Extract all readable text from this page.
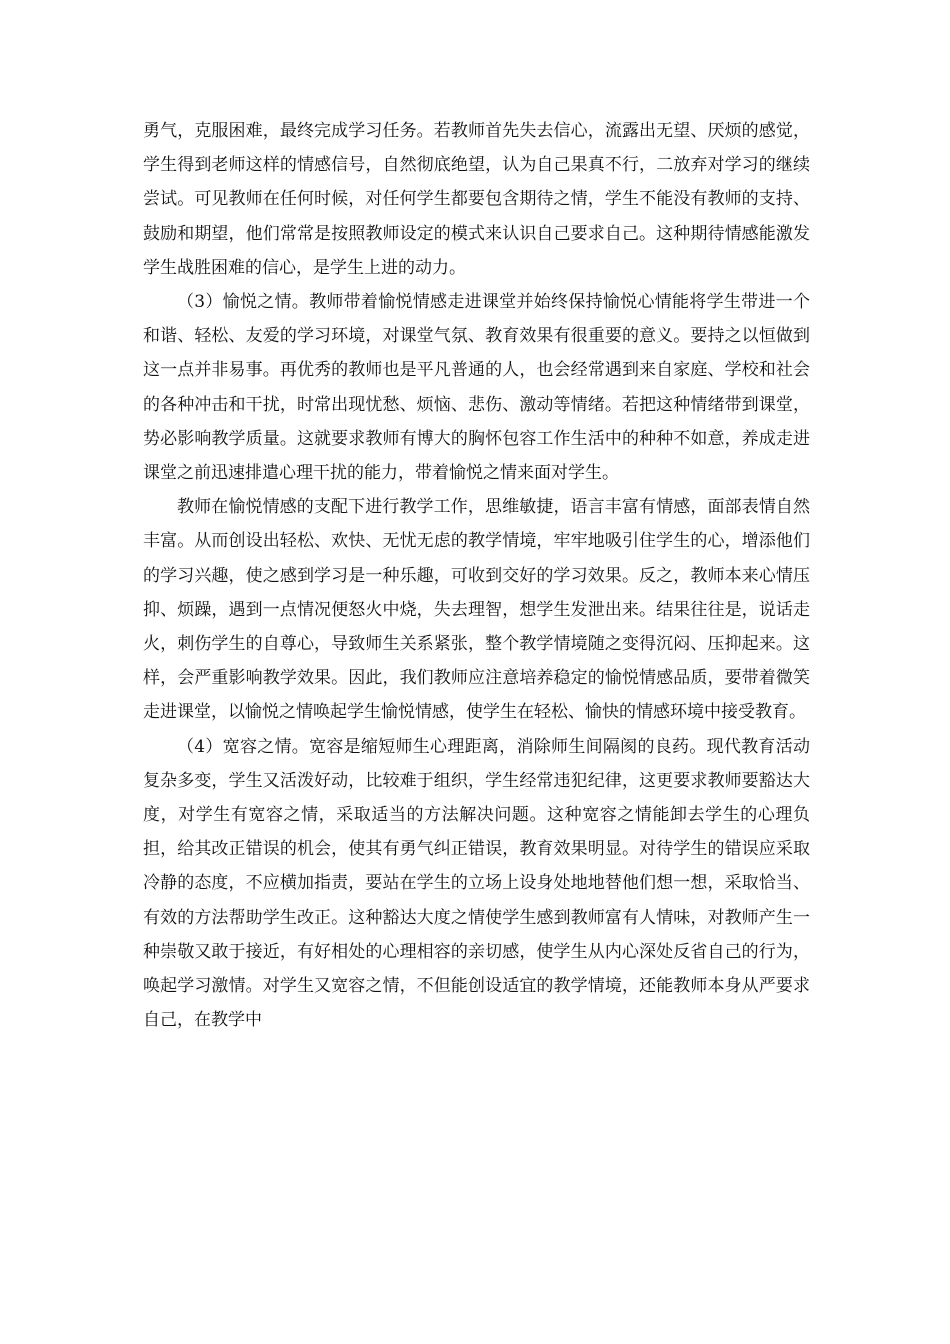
勇气，克服困难，最终完成学习任务。若教师首先失去信心，流露出无望、厌烦的感觉，学生得到老师这样的情感信号，自然彻底绝望，认为自己果真不行，二放弃对学习的继续尝试。可见教师在任何时候，对任何学生都要包含期待之情，学生不能没有教师的支持、鼓励和期望，他们常常是按照教师设定的模式来认识自己要求自己。这种期待情感能激发学生战胜困难的信心，是学生上进的动力。

（3）愉悦之情。教师带着愉悦情感走进课堂并始终保持愉悦心情能将学生带进一个和谐、轻松、友爱的学习环境，对课堂气氛、教育效果有很重要的意义。要持之以恒做到这一点并非易事。再优秀的教师也是平凡普通的人，也会经常遇到来自家庭、学校和社会的各种冲击和干扰，时常出现忧愁、烦恼、悲伤、激动等情绪。若把这种情绪带到课堂，势必影响教学质量。这就要求教师有博大的胸怀包容工作生活中的种种不如意，养成走进课堂之前迅速排遣心理干扰的能力，带着愉悦之情来面对学生。

教师在愉悦情感的支配下进行教学工作，思维敏捷，语言丰富有情感，面部表情自然丰富。从而创设出轻松、欢快、无忧无虑的教学情境，牢牢地吸引住学生的心，增添他们的学习兴趣，使之感到学习是一种乐趣，可收到交好的学习效果。反之，教师本来心情压抑、烦躁，遇到一点情况便怒火中烧，失去理智，想学生发泄出来。结果往往是，说话走火，刺伤学生的自尊心，导致师生关系紧张，整个教学情境随之变得沉闷、压抑起来。这样，会严重影响教学效果。因此，我们教师应注意培养稳定的愉悦情感品质，要带着微笑走进课堂，以愉悦之情唤起学生愉悦情感，使学生在轻松、愉快的情感环境中接受教育。

（4）宽容之情。宽容是缩短师生心理距离，消除师生间隔阂的良药。现代教育活动复杂多变，学生又活泼好动，比较难于组织，学生经常违犯纪律，这更要求教师要豁达大度，对学生有宽容之情，采取适当的方法解决问题。这种宽容之情能卸去学生的心理负担，给其改正错误的机会，使其有勇气纠正错误，教育效果明显。对待学生的错误应采取冷静的态度，不应横加指责，要站在学生的立场上设身处地地替他们想一想，采取恰当、有效的方法帮助学生改正。这种豁达大度之情使学生感到教师富有人情味，对教师产生一种崇敬又敢于接近，有好相处的心理相容的亲切感，使学生从内心深处反省自己的行为，唤起学习激情。对学生又宽容之情，不但能创设适宜的教学情境，还能教师本身从严要求自己，在教学中
